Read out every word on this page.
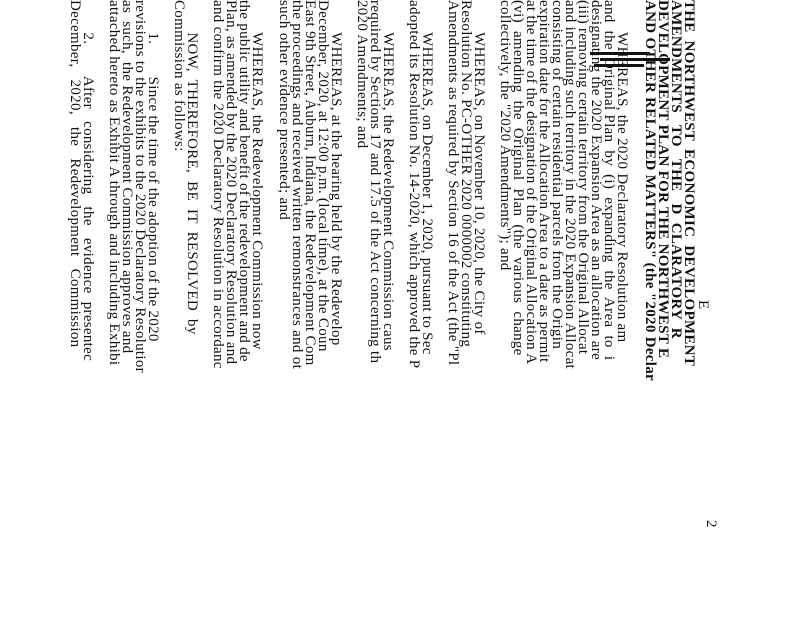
THE  NORTHWEST  ECONOMIC  DEVELOPMENT
AMENDMENTS   TO   THE   D  CLARATORY  R
DEVELOPMENT PLAN FOR THE NORTHWEST E
AND OTHER RELATED MATTERS" (the "2020 Declar
WHEREAS, the 2020 Declaratory Resolution am
and  the  Original Plan  by  (i)  expanding  the  Area  to  i
designating the 2020 Expansion Area as an allocation are
(iii) removing certain territory from the Original Allocat
and including such territory in the 2020 Expansion Allocat
consisting of certain residential parcels from the Origin
expiration date for the Allocation Area to a date as permit
at the time of the designation of the Original Allocation A
(vi)  amending  the  Original  Plan  (the  various  change
collectively, the "2020 Amendments"); and
WHEREAS, on November 10, 2020, the City of
Resolution No. PC-OTHER 2020 0000002 constituting
Amendments as required by Section 16 of the Act (the "Pl
WHEREAS, on December 1, 2020, pursuant to Sec
adopted its Resolution No. 14-2020, which approved the P
WHEREAS, the Redevelopment Commission caus
required by Sections 17 and 17.5 of the Act concerning th
2020 Amendments; and
WHEREAS, at the hearing held by the Redevelop
December, 2020, at 12:00 p.m. (local time), at the Coun
East 9th Street, Auburn, Indiana, the Redevelopment Com
the proceedings and received written remonstrances and ot
such other evidence presented; and
WHEREAS, the Redevelopment Commission now
the public utility and benefit of the redevelopment and de
Plan, as amended by the 2020 Declaratory Resolution and
and confirm the 2020 Declaratory Resolution in accordanc
NOW,  THEREFORE,  BE  IT  RESOLVED  by
Commission as follows:
1.        Since the time of the adoption of the 2020
revisions to the exhibits to the 2020 Declaratory Resolutior
as  such,  the Redevelopment Commission approves and
attached hereto as Exhibit A through and including Exhibi
2.        After   considering   the   evidence  presentec
December,   2020,   the   Redevelopment   Commission
2
E
